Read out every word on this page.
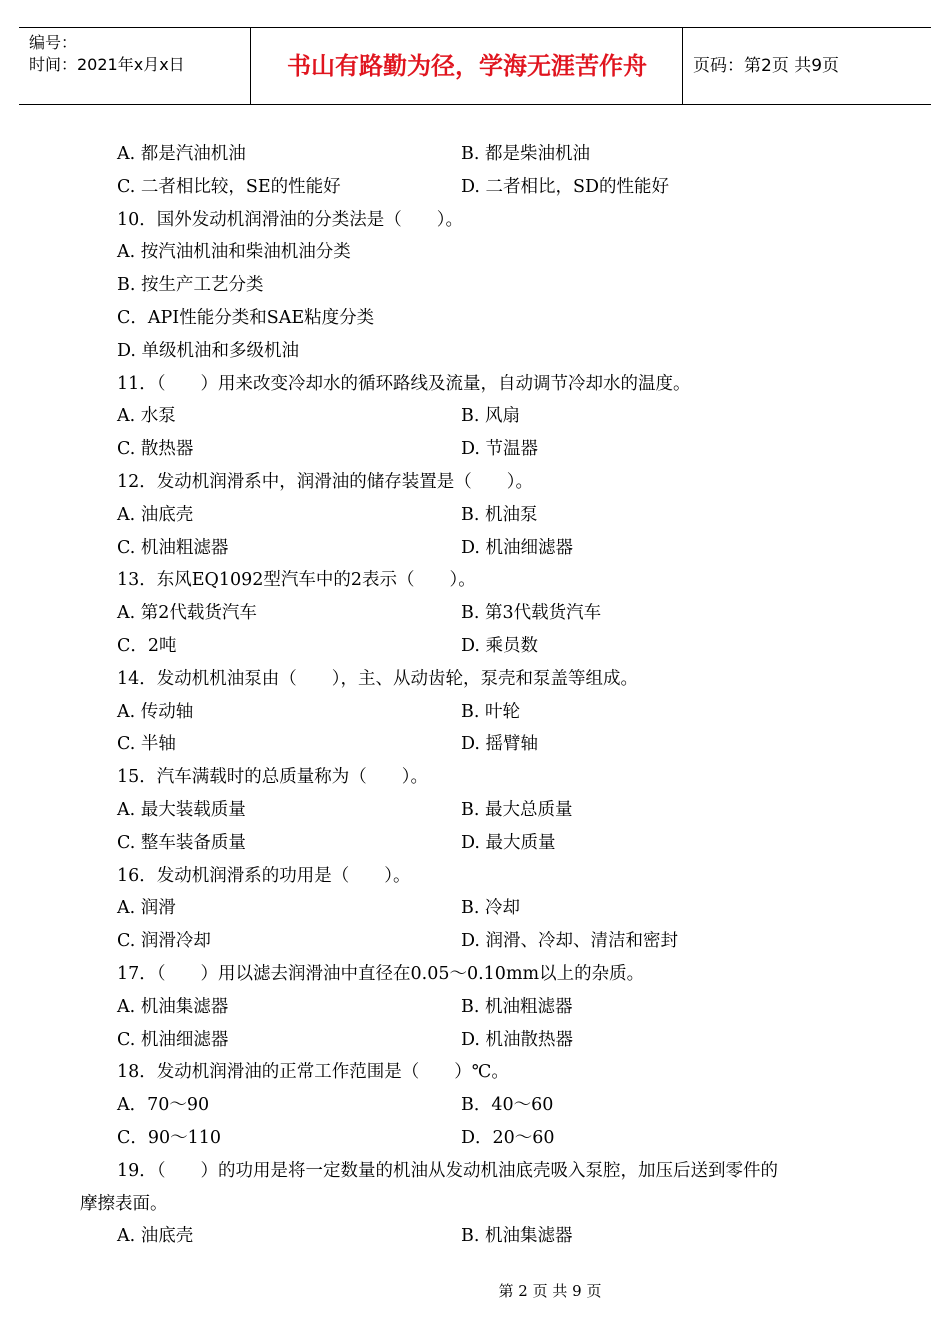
编号：
时间：2021年x月x日	书山有路勤为径，学海无涯苦作舟	页码：第2页 共9页
A. 都是汽油机油	B. 都是柴油机油
C. 二者相比较，SE的性能好	D. 二者相比，SD的性能好
10．国外发动机润滑油的分类法是（　　）。
A. 按汽油机油和柴油机油分类
B. 按生产工艺分类
C．API性能分类和SAE粘度分类
D. 单级机油和多级机油
11．（　　）用来改变冷却水的循环路线及流量，自动调节冷却水的温度。
A. 水泵	B. 风扇
C. 散热器	D. 节温器
12．发动机润滑系中，润滑油的储存装置是（　　）。
A. 油底壳	B. 机油泵
C. 机油粗滤器	D. 机油细滤器
13．东风EQ1092型汽车中的2表示（　　）。
A. 第2代载货汽车	B. 第3代载货汽车
C．2吨	D. 乘员数
14．发动机机油泵由（　　），主、从动齿轮，泵壳和泵盖等组成。
A. 传动轴	B. 叶轮
C. 半轴	D. 摇臂轴
15．汽车满载时的总质量称为（　　）。
A. 最大装载质量	B. 最大总质量
C. 整车装备质量	D. 最大质量
16．发动机润滑系的功用是（　　）。
A. 润滑	B. 冷却
C. 润滑冷却	D. 润滑、冷却、清洁和密封
17．（　　）用以滤去润滑油中直径在0.05～0.10mm以上的杂质。
A. 机油集滤器	B. 机油粗滤器
C. 机油细滤器	D. 机油散热器
18．发动机润滑油的正常工作范围是（　　）℃。
A．70～90	B．40～60
C．90～110	D．20～60
19．（　　）的功用是将一定数量的机油从发动机油底壳吸入泵腔，加压后送到零件的
摩擦表面。
A. 油底壳	B. 机油集滤器
第 2 页 共 9 页
